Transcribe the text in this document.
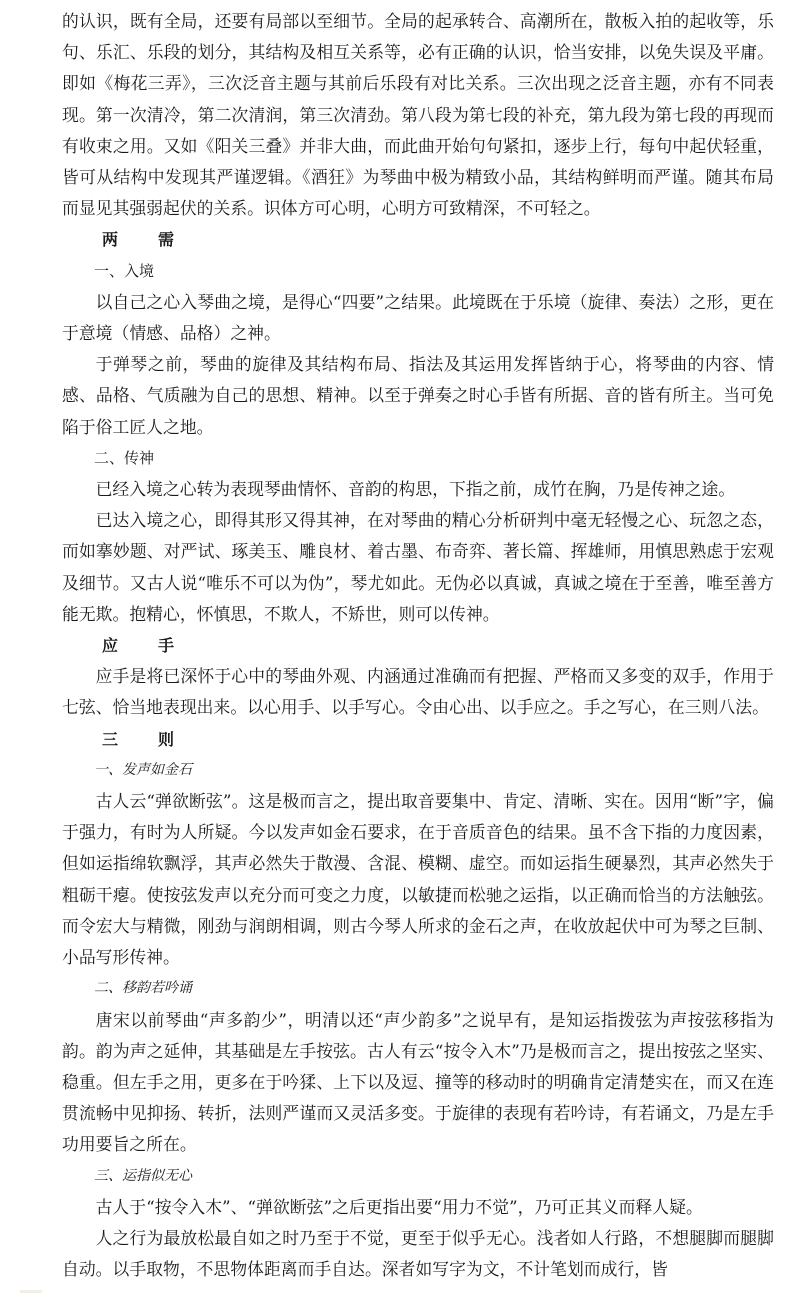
的认识，既有全局，还要有局部以至细节。全局的起承转合、高潮所在，散板入拍的起收等，乐句、乐汇、乐段的划分，其结构及相互关系等，必有正确的认识，恰当安排，以免失误及平庸。即如《梅花三弄》，三次泛音主题与其前后乐段有对比关系。三次出现之泛音主题，亦有不同表现。第一次清冷，第二次清润，第三次清劲。第八段为第七段的补充，第九段为第七段的再现而有收束之用。又如《阳关三叠》并非大曲，而此曲开始句句紧扣，逐步上行，每句中起伏轻重，皆可从结构中发现其严谨逻辑。《酒狂》为琴曲中极为精致小品，其结构鲜明而严谨。随其布局而显见其强弱起伏的关系。识体方可心明，心明方可致精深，不可轻之。

两　需
一、入境

以自己之心入琴曲之境，是得心“四要”之结果。此境既在于乐境（旋律、奏法）之形，更在于意境（情感、品格）之神。

于弹琴之前，琴曲的旋律及其结构布局、指法及其运用发挥皆纳于心，将琴曲的内容、情感、品格、气质融为自己的思想、精神。以至于弹奏之时心手皆有所据、音的皆有所主。当可免陷于俗工匠人之地。

二、传神

已经入境之心转为表现琴曲情怀、音韵的构思，下指之前，成竹在胸，乃是传神之途。

已达入境之心，即得其形又得其神，在对琴曲的精心分析研判中毫无轻慢之心、玩忽之态，而如搴妙题、对严试、琢美玉、雕良材、着古墨、布奇弈、著长篇、挥雄师，用慎思熟虑于宏观及细节。又古人说“唯乐不可以为伪”，琴尤如此。无伪必以真诚，真诚之境在于至善，唯至善方能无欺。抱精心，怀慎思，不欺人，不矫世，则可以传神。

应　手

应手是将已深怀于心中的琴曲外观、内涵通过准确而有把握、严格而又多变的双手，作用于七弦、恰当地表现出来。以心用手、以手写心。令由心出、以手应之。手之写心，在三则八法。

三　则
一、发声如金石

古人云“弹欲断弦”。这是极而言之，提出取音要集中、肯定、清晰、实在。因用“断”字，偏于强力，有时为人所疑。今以发声如金石要求，在于音质音色的结果。虽不含下指的力度因素，但如运指绵软飘浮，其声必然失于散漫、含混、模糊、虚空。而如运指生硬暴烈，其声必然失于粗砺干瘪。使按弦发声以充分而可变之力度，以敏捷而松驰之运指，以正确而恰当的方法触弦。而令宏大与精微，刚劲与润朗相调，则古今琴人所求的金石之声，在收放起伏中可为琴之巨制、小品写形传神。

二、移韵若吟诵

唐宋以前琴曲“声多韵少”，明清以还“声少韵多”之说早有，是知运指拨弦为声按弦移指为韵。韵为声之延伸，其基础是左手按弦。古人有云“按令入木”乃是极而言之，提出按弦之坚实、稳重。但左手之用，更多在于吟猱、上下以及逗、撞等的移动时的明确肯定清楚实在，而又在连贯流畅中见抑扬、转折，法则严谨而又灵活多变。于旋律的表现有若吟诗，有若诵文，乃是左手功用要旨之所在。

三、运指似无心

古人于“按令入木”、“弹欲断弦”之后更指出要“用力不觉”，乃可正其义而释人疑。

人之行为最放松最自如之时乃至于不觉，更至于似乎无心。浅者如人行路，不想腿脚而腿脚自动。以手取物，不思物体距离而手自达。深者如写字为文，不计笔划而成行，皆
